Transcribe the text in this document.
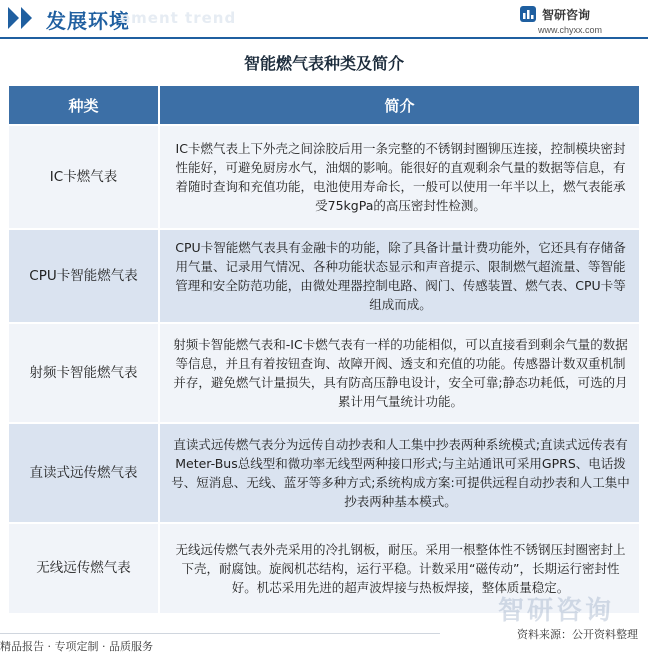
发展环境
ement trend	智研咨询
www.chyxx.com
智能燃气表种类及简介
种类	简介
IC卡燃气表	IC卡燃气表上下外壳之间涂胶后用一条完整的不锈钢封圈铆压连接，控制模块密封性能好，可避免厨房水气，油烟的影响。能很好的直观剩余气量的数据等信息，有着随时查询和充值功能，电池使用寿命长，一般可以使用一年半以上，燃气表能承受75kgPa的高压密封性检测。
CPU卡智能燃气表	CPU卡智能燃气表具有金融卡的功能，除了具备计量计费功能外，它还具有存储备用气量、记录用气情况、各种功能状态显示和声音提示、限制燃气超流量、等智能管理和安全防范功能，由微处理器控制电路、阀门、传感装置、燃气表、CPU卡等组成而成。
射频卡智能燃气表	射频卡智能燃气表和-IC卡燃气表有一样的功能相似，可以直接看到剩余气量的数据等信息，并且有着按钮查询、故障开阀、透支和充值的功能。传感器计数双重机制并存，避免燃气计量损失，具有防高压静电设计，安全可靠;静态功耗低，可选的月累计用气量统计功能。
直读式远传燃气表	直读式远传燃气表分为远传自动抄表和人工集中抄表两种系统模式;直读式远传表有Meter-Bus总线型和微功率无线型两种接口形式;与主站通讯可采用GPRS、电话拨号、短消息、无线、蓝牙等多种方式;系统构成方案:可提供远程自动抄表和人工集中抄表两种基本模式。
无线远传燃气表	无线远传燃气表外壳采用的冷扎钢板，耐压。采用一根整体性不锈钢压封圈密封上下壳，耐腐蚀。旋阀机芯结构，运行平稳。计数采用“磁传动”，长期运行密封性好。机芯采用先进的超声波焊接与热板焊接，整体质量稳定。
智研咨询
资料来源：公开资料整理
精品报告 · 专项定制 · 品质服务
